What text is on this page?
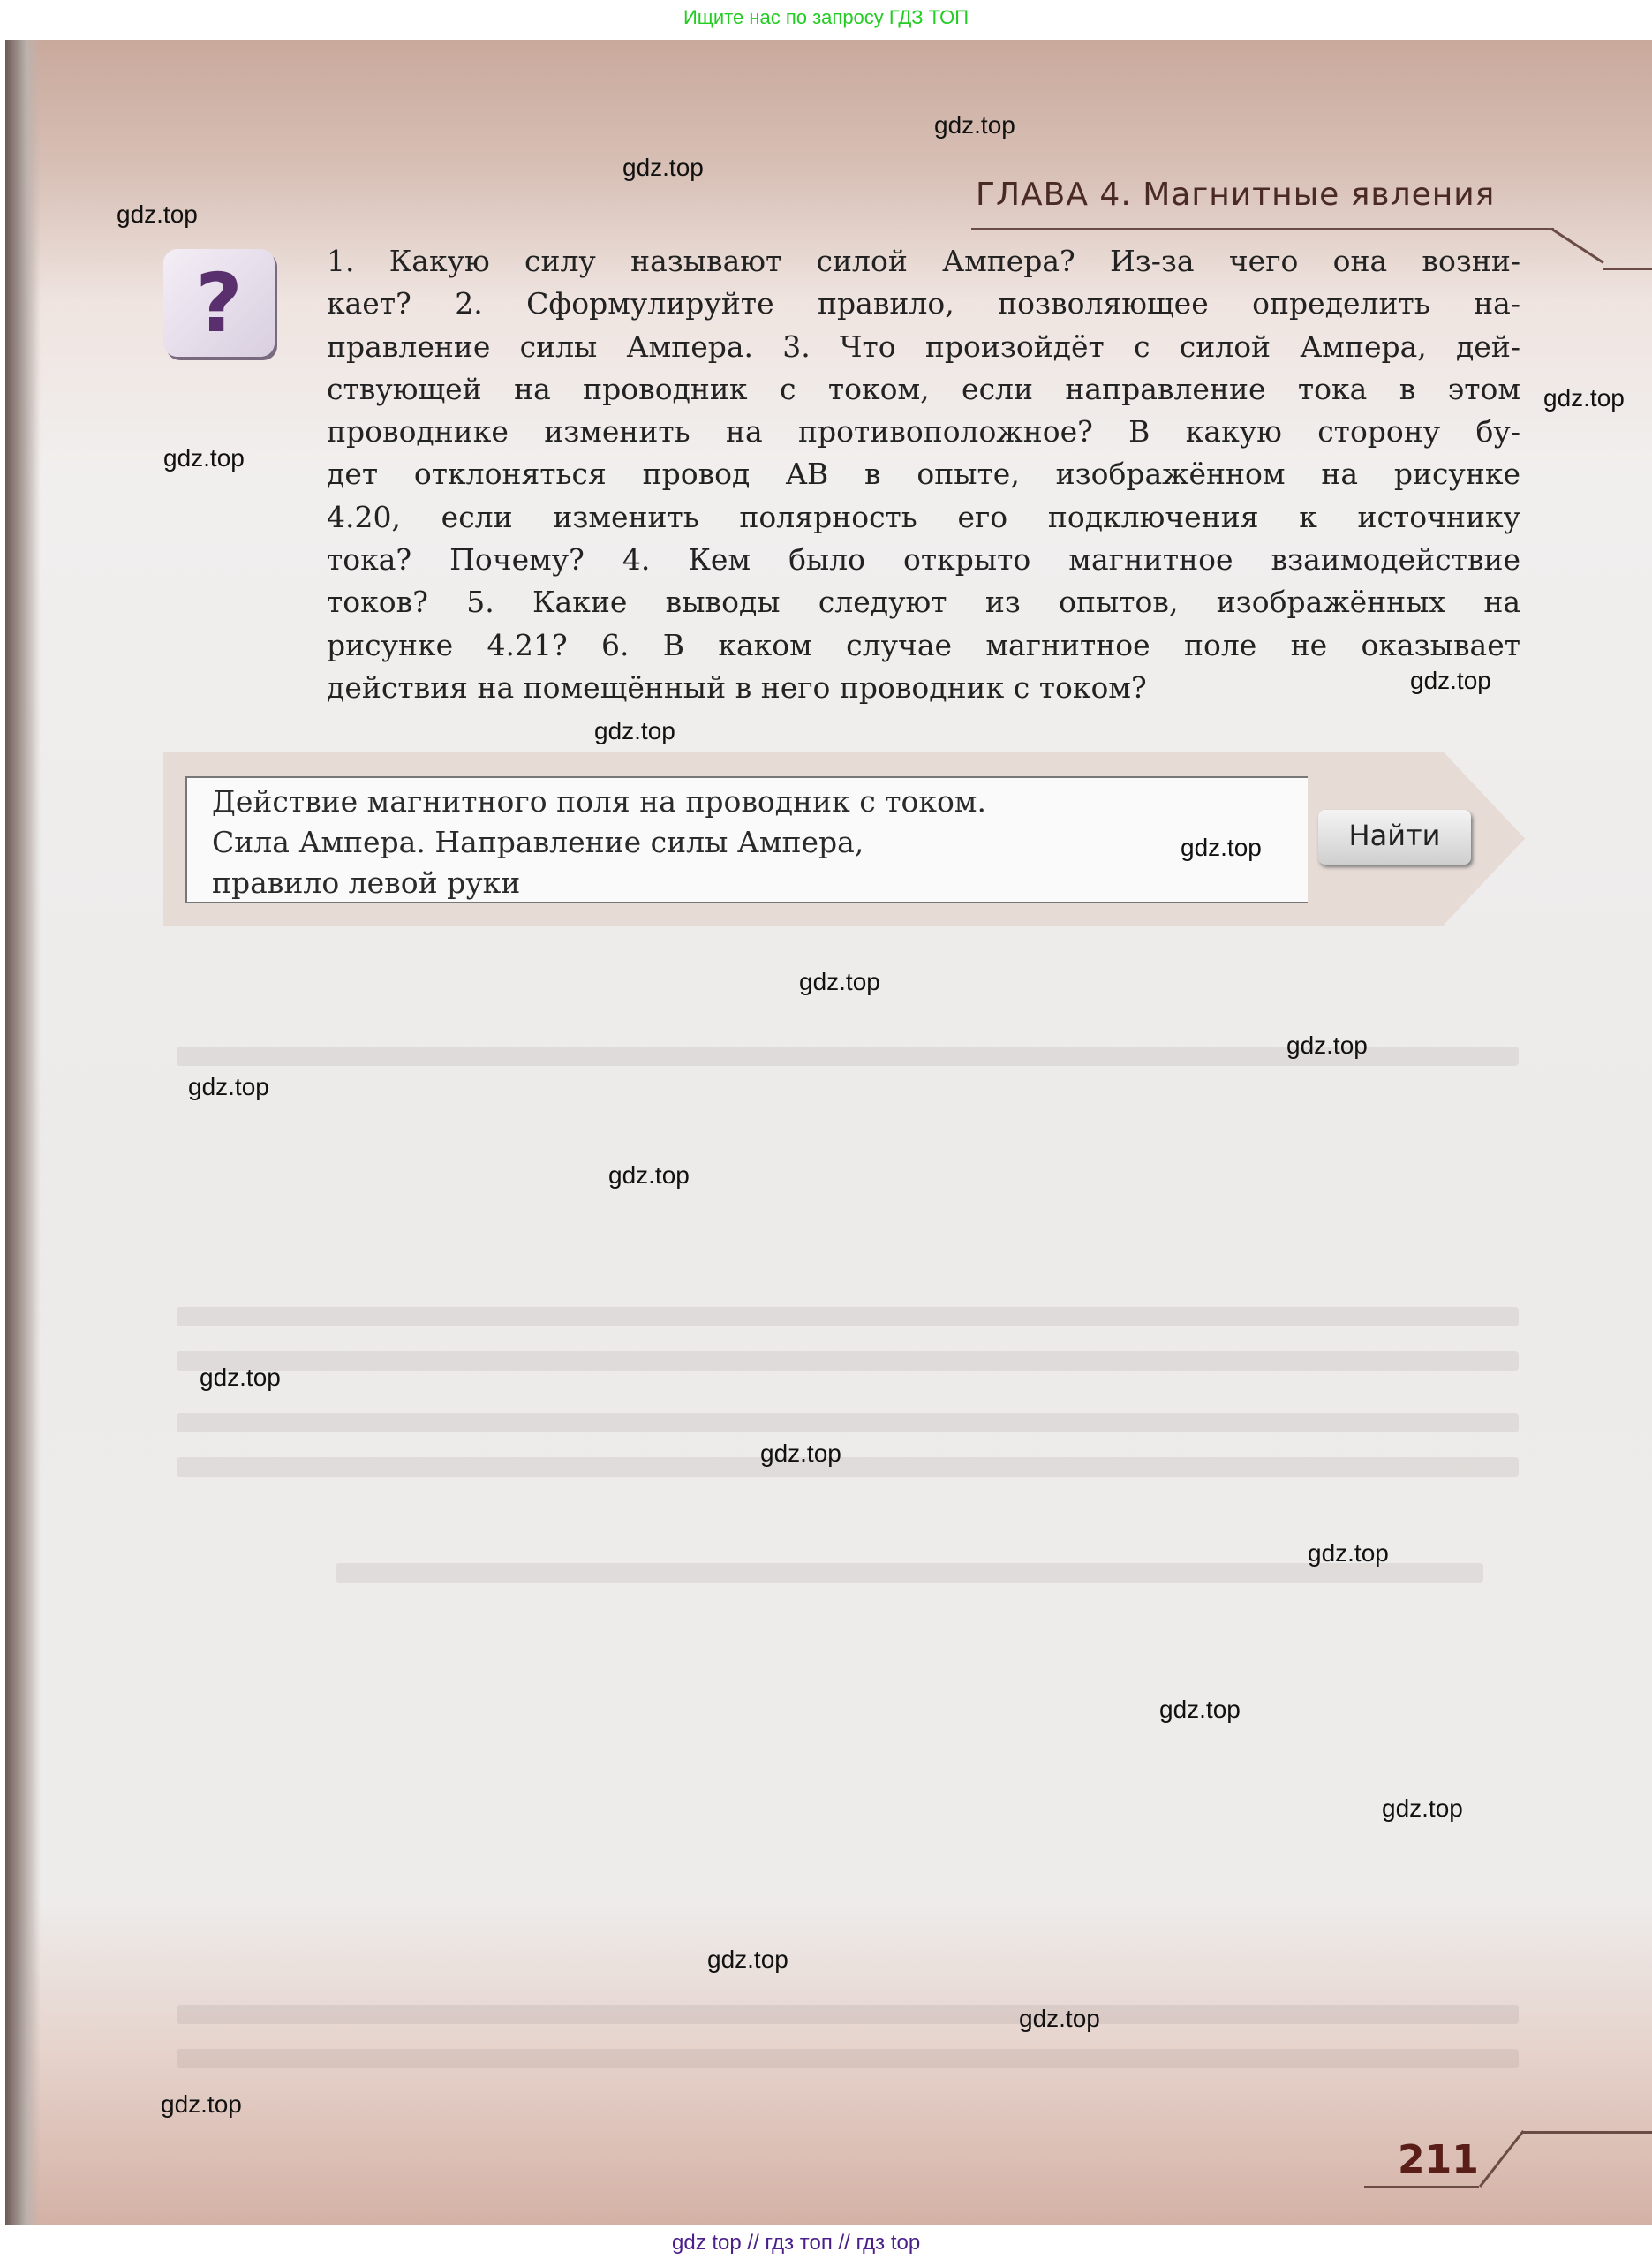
Ищите нас по запросу ГДЗ ТОП
ГЛАВА 4. Магнитные явления
?	1. Какую силу называют силой Ампера? Из-за чего она возни-
кает? 2. Сформулируйте правило, позволяющее определить на-
правление силы Ампера. 3. Что произойдёт с силой Ампера, дей-
ствующей на проводник с током, если направление тока в этом
проводнике изменить на противоположное? В какую сторону бу-
дет отклоняться провод AB в опыте, изображённом на рисунке
4.20, если изменить полярность его подключения к источнику
тока? Почему? 4. Кем было открыто магнитное взаимодействие
токов? 5. Какие выводы следуют из опытов, изображённых на
рисунке 4.21? 6. В каком случае магнитное поле не оказывает
действия на помещённый в него проводник с током?
Действие магнитного поля на проводник с током.
Сила Ампера. Направление силы Ампера,
правило левой руки
Найти
211
gdz top // гдз топ // гдз top
gdz.top
gdz.top
gdz.top
gdz.top
gdz.top
gdz.top
gdz.top
gdz.top
gdz.top
gdz.top
gdz.top
gdz.top
gdz.top
gdz.top
gdz.top
gdz.top
gdz.top
gdz.top
gdz.top
gdz.top
